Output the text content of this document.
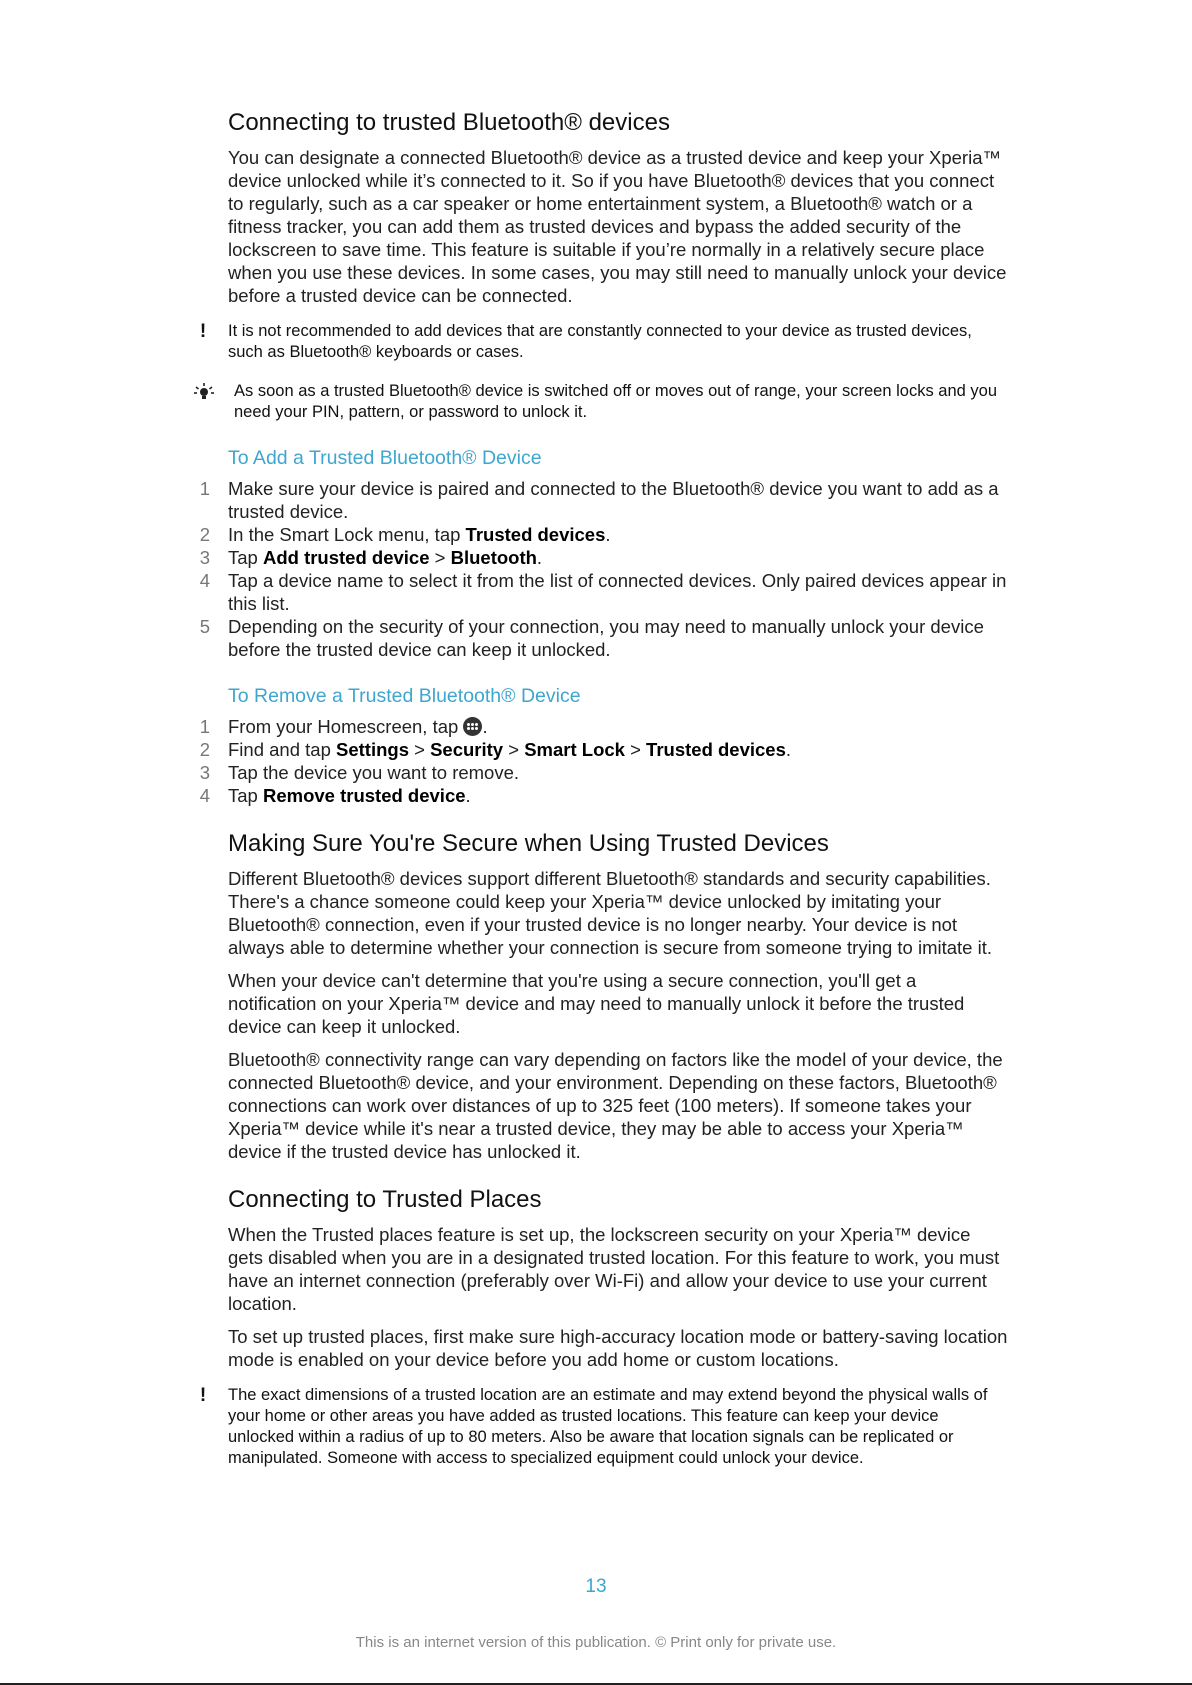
Connecting to trusted Bluetooth® devices

You can designate a connected Bluetooth® device as a trusted device and keep your Xperia™ device unlocked while it’s connected to it. So if you have Bluetooth® devices that you connect to regularly, such as a car speaker or home entertainment system, a Bluetooth® watch or a fitness tracker, you can add them as trusted devices and bypass the added security of the lockscreen to save time. This feature is suitable if you’re normally in a relatively secure place when you use these devices. In some cases, you may still need to manually unlock your device before a trusted device can be connected.

! It is not recommended to add devices that are constantly connected to your device as trusted devices, such as Bluetooth® keyboards or cases.
As soon as a trusted Bluetooth® device is switched off or moves out of range, your screen locks and you need your PIN, pattern, or password to unlock it.
To Add a Trusted Bluetooth® Device
1 Make sure your device is paired and connected to the Bluetooth® device you want to add as a trusted device.
2 In the Smart Lock menu, tap Trusted devices.
3 Tap Add trusted device > Bluetooth.
4 Tap a device name to select it from the list of connected devices. Only paired devices appear in this list.
5 Depending on the security of your connection, you may need to manually unlock your device before the trusted device can keep it unlocked.
To Remove a Trusted Bluetooth® Device
1 From your Homescreen, tap
.
2 Find and tap Settings > Security > Smart Lock > Trusted devices.
3 Tap the device you want to remove.
4 Tap Remove trusted device.
Making Sure You're Secure when Using Trusted Devices

Different Bluetooth® devices support different Bluetooth® standards and security capabilities. There's a chance someone could keep your Xperia™ device unlocked by imitating your Bluetooth® connection, even if your trusted device is no longer nearby. Your device is not always able to determine whether your connection is secure from someone trying to imitate it.

When your device can't determine that you're using a secure connection, you'll get a notification on your Xperia™ device and may need to manually unlock it before the trusted device can keep it unlocked.

Bluetooth® connectivity range can vary depending on factors like the model of your device, the connected Bluetooth® device, and your environment. Depending on these factors, Bluetooth® connections can work over distances of up to 325 feet (100 meters). If someone takes your Xperia™ device while it's near a trusted device, they may be able to access your Xperia™ device if the trusted device has unlocked it.

Connecting to Trusted Places

When the Trusted places feature is set up, the lockscreen security on your Xperia™ device gets disabled when you are in a designated trusted location. For this feature to work, you must have an internet connection (preferably over Wi-Fi) and allow your device to use your current location.

To set up trusted places, first make sure high-accuracy location mode or battery-saving location mode is enabled on your device before you add home or custom locations.

! The exact dimensions of a trusted location are an estimate and may extend beyond the physical walls of your home or other areas you have added as trusted locations. This feature can keep your device unlocked within a radius of up to 80 meters. Also be aware that location signals can be replicated or manipulated. Someone with access to specialized equipment could unlock your device.
13
This is an internet version of this publication. © Print only for private use.
